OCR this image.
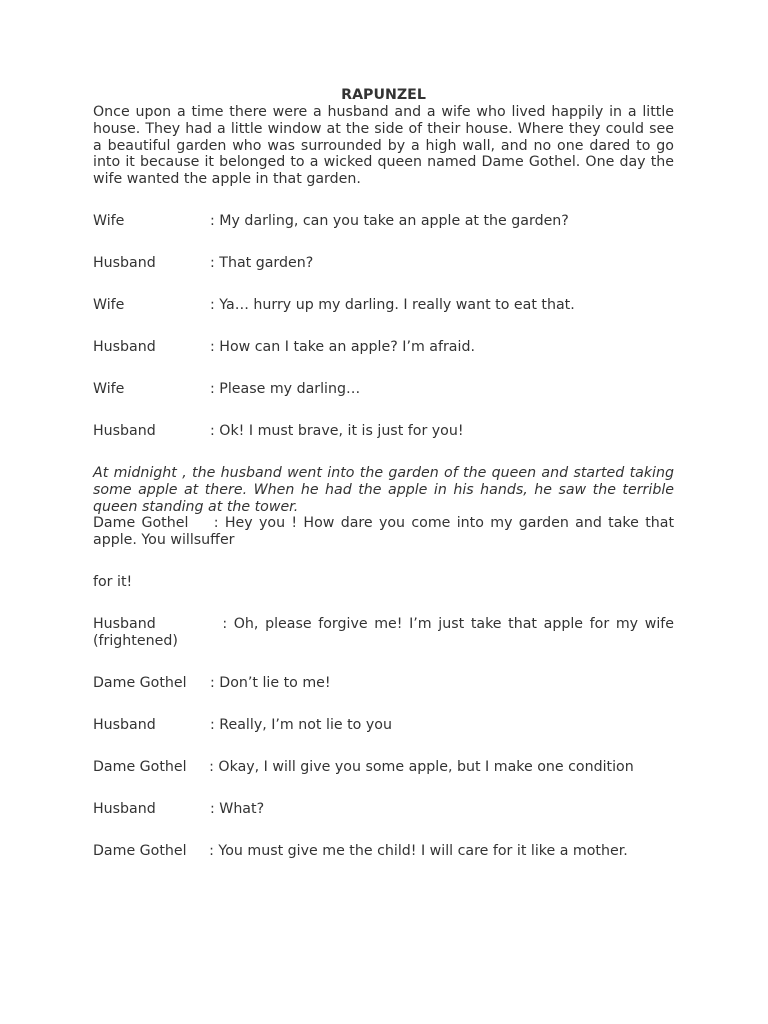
RAPUNZEL

Once upon a time there were a husband and a wife who lived happily in a little house. They had a little window at the side of their house. Where they could see a beautiful garden who was surrounded by a high wall, and no one dared to go into it because it belonged to a wicked queen named Dame Gothel. One day the wife wanted the apple in that garden.

Wife	: My darling, can you take an apple at the garden?

Husband	: That garden?

Wife	: Ya… hurry up my darling. I really want to eat that.

Husband	: How can I take an apple? I’m afraid.

Wife	: Please my darling…

Husband	: Ok! I must brave, it is just for you!

At midnight , the husband went into the garden of the queen and started taking some apple at there. When he had the apple in his hands, he saw the terrible queen standing at the tower.

Dame Gothel : Hey you ! How dare you come into my garden and take that apple. You willsuffer

for it!

Husband	: Oh, please forgive me! I’m just take that apple for my wife (frightened)

Dame Gothel : Don’t lie to me!

Husband	: Really, I’m not lie to you

Dame Gothel : Okay, I will give you some apple, but I make one condition

Husband	: What?

Dame Gothel : You must give me the child! I will care for it like a mother.
